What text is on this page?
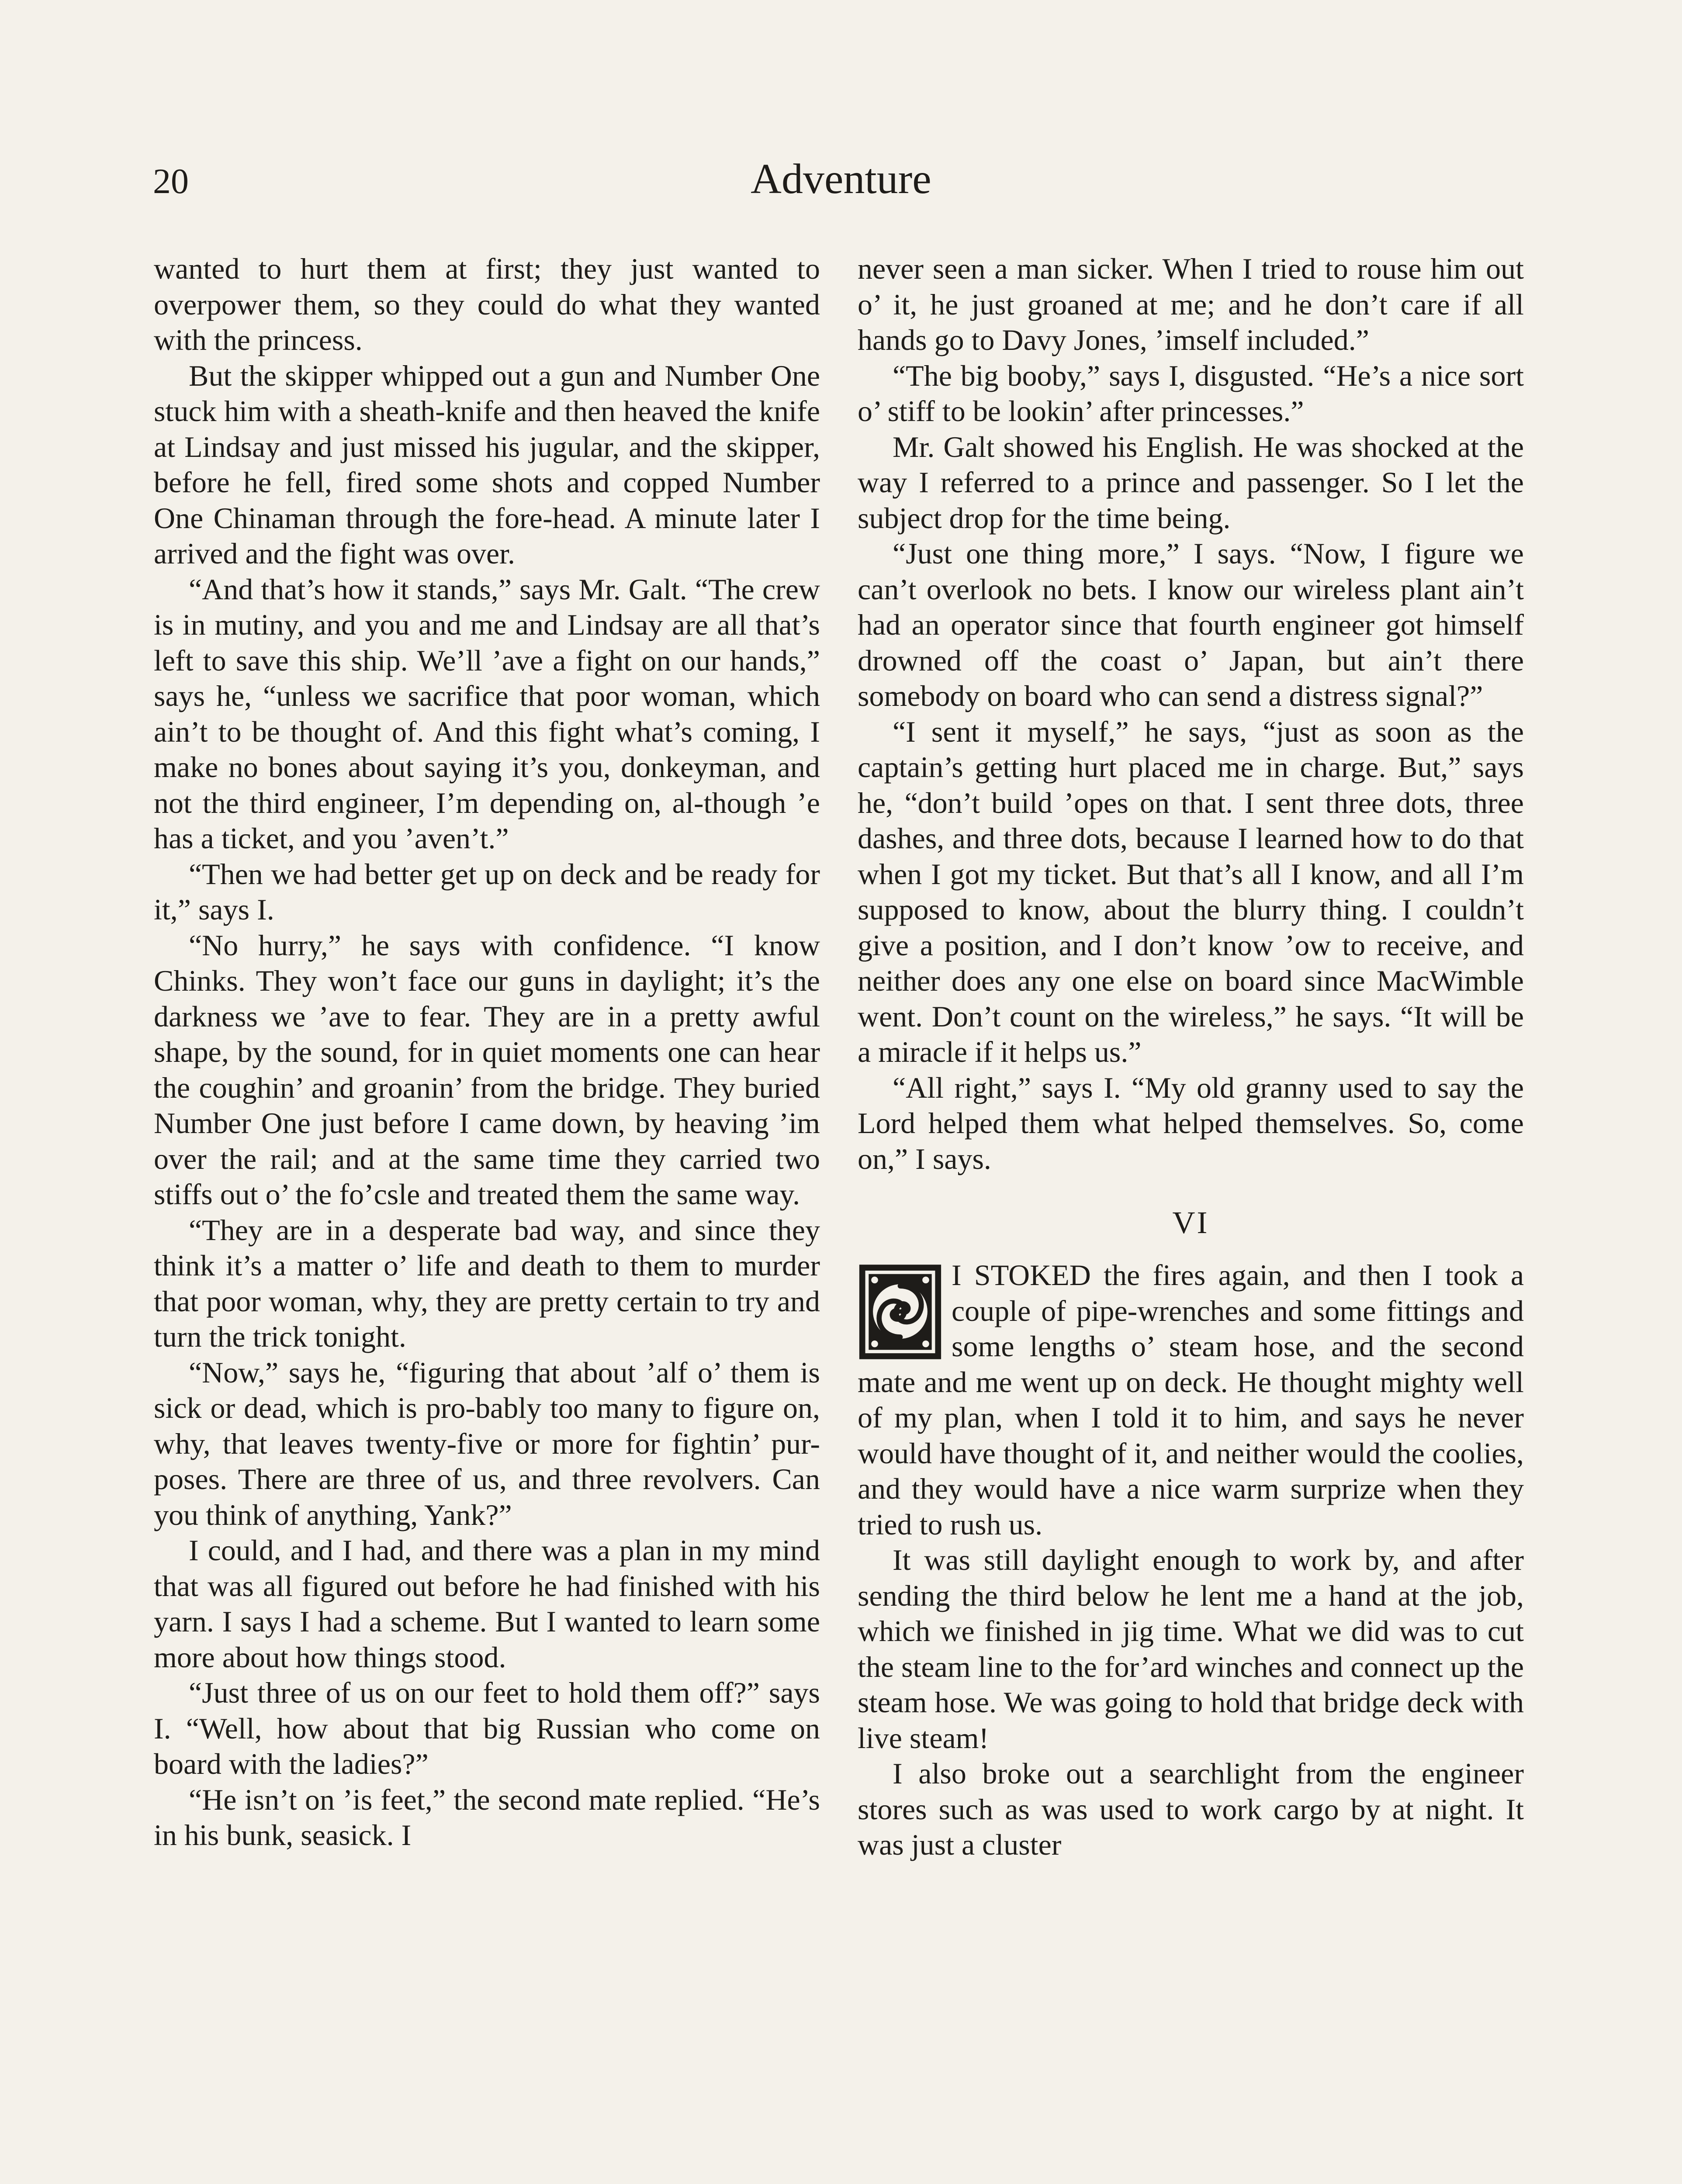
20	Adventure

wanted to hurt them at first; they just wanted to overpower them, so they could do what they wanted with the princess.

But the skipper whipped out a gun and Number One stuck him with a sheath-knife and then heaved the knife at Lindsay and just missed his jugular, and the skipper, before he fell, fired some shots and copped Number One Chinaman through the fore-head. A minute later I arrived and the fight was over.

“And that’s how it stands,” says Mr. Galt. “The crew is in mutiny, and you and me and Lindsay are all that’s left to save this ship. We’ll ’ave a fight on our hands,” says he, “unless we sacrifice that poor woman, which ain’t to be thought of. And this fight what’s coming, I make no bones about saying it’s you, donkeyman, and not the third engineer, I’m depending on, al-though ’e has a ticket, and you ’aven’t.”

“Then we had better get up on deck and be ready for it,” says I.

“No hurry,” he says with confidence. “I know Chinks. They won’t face our guns in daylight; it’s the darkness we ’ave to fear. They are in a pretty awful shape, by the sound, for in quiet moments one can hear the coughin’ and groanin’ from the bridge. They buried Number One just before I came down, by heaving ’im over the rail; and at the same time they carried two stiffs out o’ the fo’csle and treated them the same way.

“They are in a desperate bad way, and since they think it’s a matter o’ life and death to them to murder that poor woman, why, they are pretty certain to try and turn the trick tonight.

“Now,” says he, “figuring that about ’alf o’ them is sick or dead, which is pro-bably too many to figure on, why, that leaves twenty-five or more for fightin’ pur-poses. There are three of us, and three revolvers. Can you think of anything, Yank?”

I could, and I had, and there was a plan in my mind that was all figured out before he had finished with his yarn. I says I had a scheme. But I wanted to learn some more about how things stood.

“Just three of us on our feet to hold them off?” says I. “Well, how about that big Russian who come on board with the ladies?”

“He isn’t on ’is feet,” the second mate replied. “He’s in his bunk, seasick. I

never seen a man sicker. When I tried to rouse him out o’ it, he just groaned at me; and he don’t care if all hands go to Davy Jones, ’imself included.”

“The big booby,” says I, disgusted. “He’s a nice sort o’ stiff to be lookin’ after princesses.”

Mr. Galt showed his English. He was shocked at the way I referred to a prince and passenger. So I let the subject drop for the time being.

“Just one thing more,” I says. “Now, I figure we can’t overlook no bets. I know our wireless plant ain’t had an operator since that fourth engineer got himself drowned off the coast o’ Japan, but ain’t there somebody on board who can send a distress signal?”

“I sent it myself,” he says, “just as soon as the captain’s getting hurt placed me in charge. But,” says he, “don’t build ’opes on that. I sent three dots, three dashes, and three dots, because I learned how to do that when I got my ticket. But that’s all I know, and all I’m supposed to know, about the blurry thing. I couldn’t give a position, and I don’t know ’ow to receive, and neither does any one else on board since MacWimble went. Don’t count on the wireless,” he says. “It will be a miracle if it helps us.”

“All right,” says I. “My old granny used to say the Lord helped them what helped themselves. So, come on,” I says.

VI

I STOKED the fires again, and then I took a couple of pipe-wrenches and some fittings and some lengths o’ steam hose, and the second mate and me went up on deck. He thought mighty well of my plan, when I told it to him, and says he never would have thought of it, and neither would the coolies, and they would have a nice warm surprize when they tried to rush us.

It was still daylight enough to work by, and after sending the third below he lent me a hand at the job, which we finished in jig time. What we did was to cut the steam line to the for’ard winches and connect up the steam hose. We was going to hold that bridge deck with live steam!

I also broke out a searchlight from the engineer stores such as was used to work cargo by at night. It was just a cluster
